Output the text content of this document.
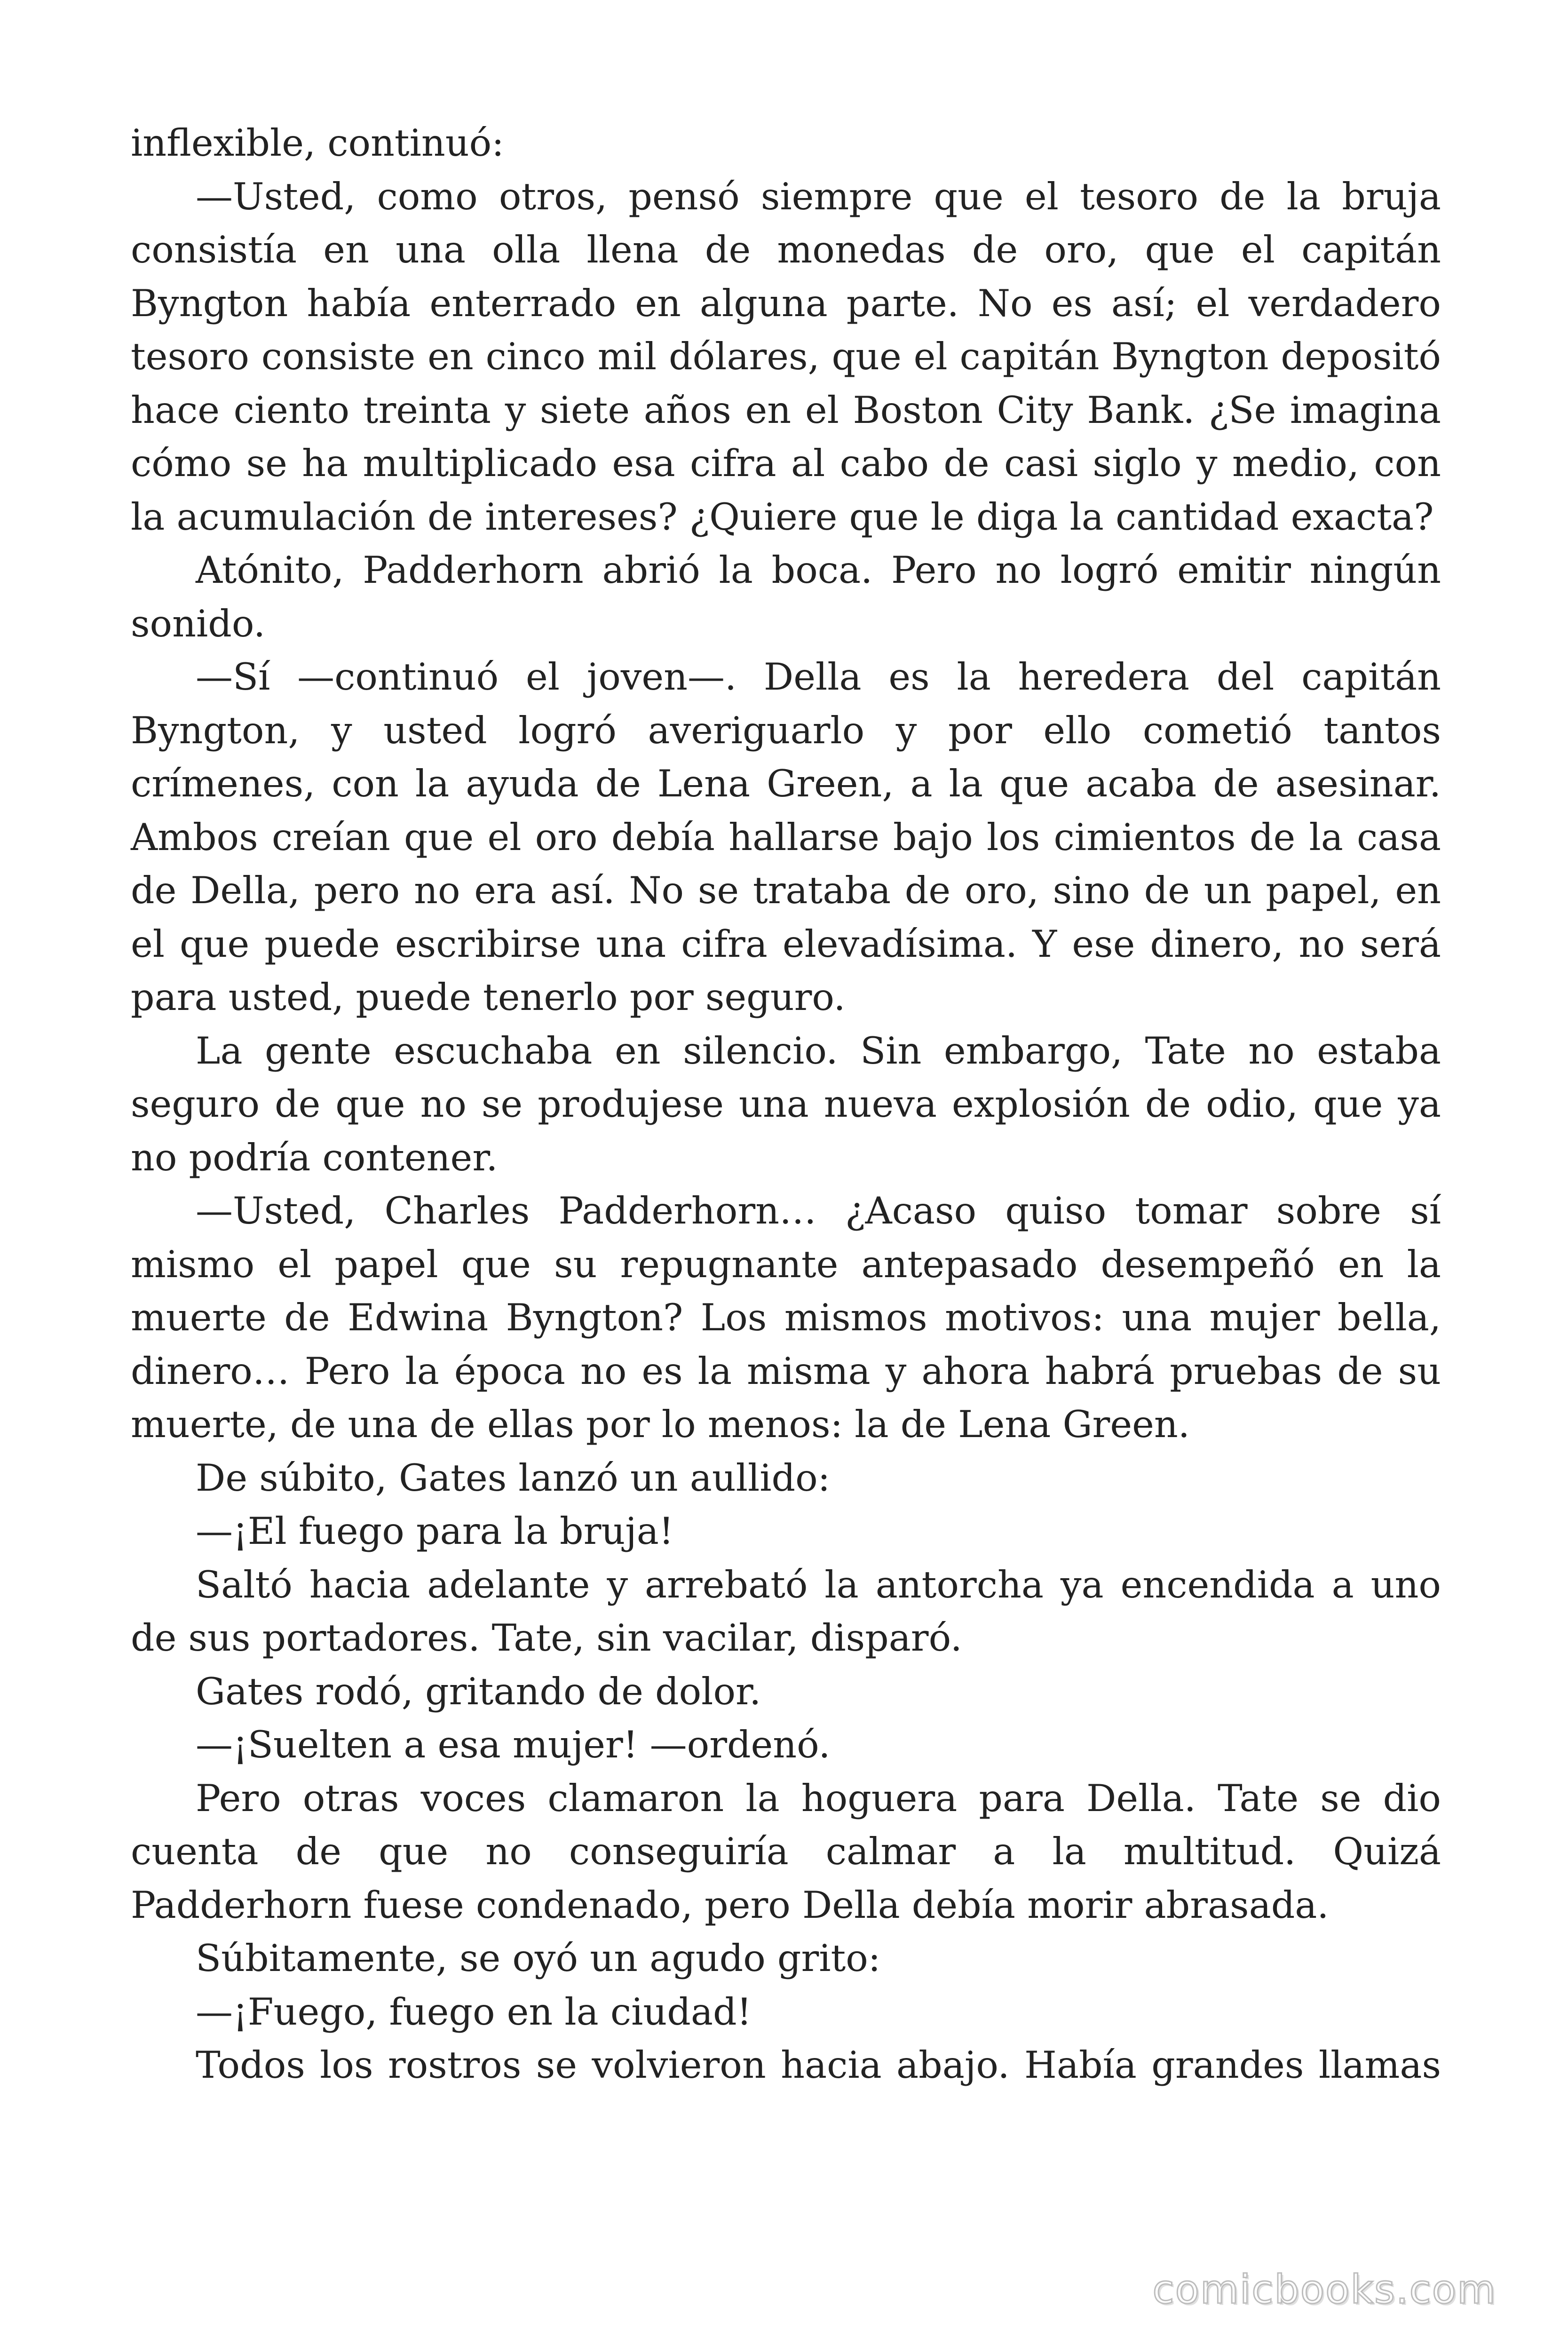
inflexible, continuó:

—Usted, como otros, pensó siempre que el tesoro de la bruja consistía en una olla llena de monedas de oro, que el capitán Byngton había enterrado en alguna parte. No es así; el verdadero tesoro consiste en cinco mil dólares, que el capitán Byngton depositó hace ciento treinta y siete años en el Boston City Bank. ¿Se imagina cómo se ha multiplicado esa cifra al cabo de casi siglo y medio, con la acumulación de intereses? ¿Quiere que le diga la cantidad exacta?

Atónito, Padderhorn abrió la boca. Pero no logró emitir ningún sonido.

—Sí —continuó el joven—. Della es la heredera del capitán Byngton, y usted logró averiguarlo y por ello cometió tantos crímenes, con la ayuda de Lena Green, a la que acaba de asesinar. Ambos creían que el oro debía hallarse bajo los cimientos de la casa de Della, pero no era así. No se trataba de oro, sino de un papel, en el que puede escribirse una cifra elevadísima. Y ese dinero, no será para usted, puede tenerlo por seguro.

La gente escuchaba en silencio. Sin embargo, Tate no estaba seguro de que no se produjese una nueva explosión de odio, que ya no podría contener.

—Usted, Charles Padderhorn… ¿Acaso quiso tomar sobre sí mismo el papel que su repugnante antepasado desempeñó en la muerte de Edwina Byngton? Los mismos motivos: una mujer bella, dinero… Pero la época no es la misma y ahora habrá pruebas de su muerte, de una de ellas por lo menos: la de Lena Green.

De súbito, Gates lanzó un aullido:

—¡El fuego para la bruja!

Saltó hacia adelante y arrebató la antorcha ya encendida a uno de sus portadores. Tate, sin vacilar, disparó.

Gates rodó, gritando de dolor.

—¡Suelten a esa mujer! —ordenó.

Pero otras voces clamaron la hoguera para Della. Tate se dio cuenta de que no conseguiría calmar a la multitud. Quizá Padderhorn fuese condenado, pero Della debía morir abrasada.

Súbitamente, se oyó un agudo grito:

—¡Fuego, fuego en la ciudad!

Todos los rostros se volvieron hacia abajo. Había grandes llamas

comicbooks.com
